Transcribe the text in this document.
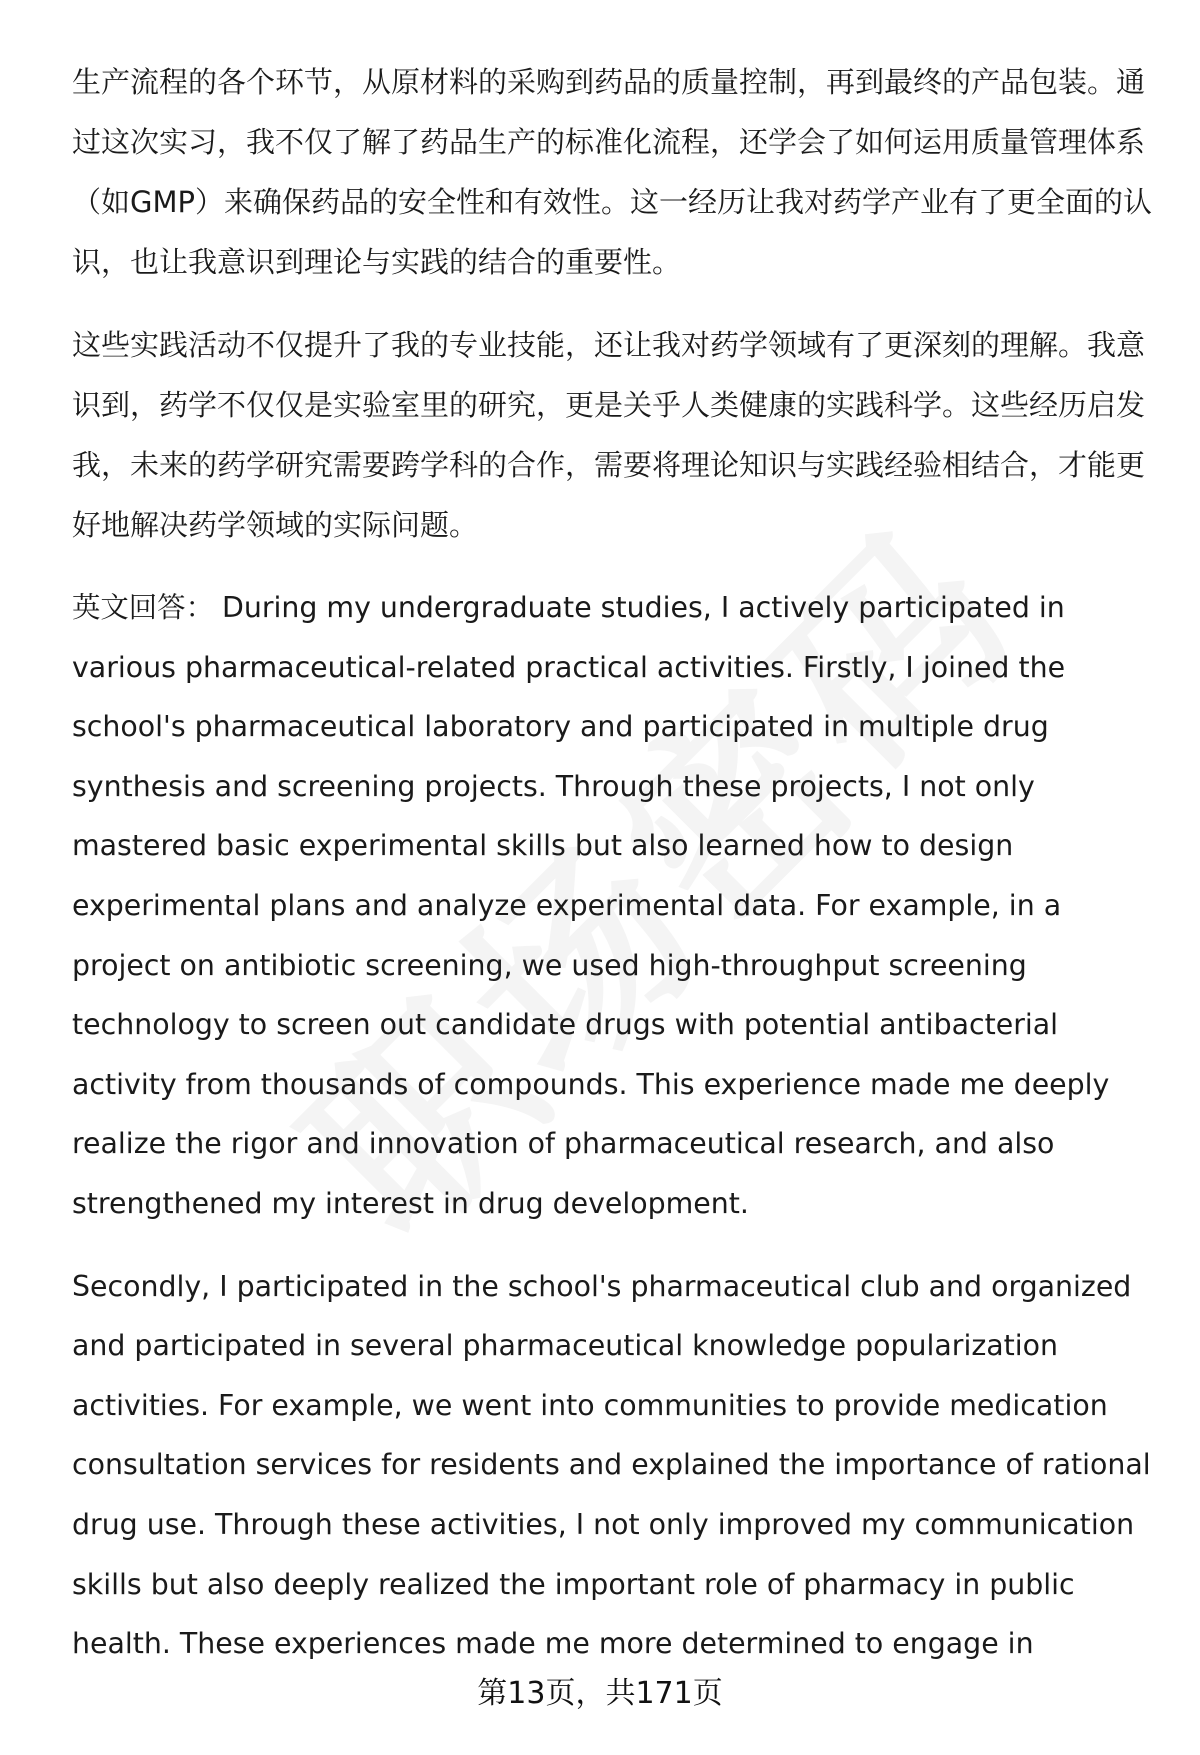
生产流程的各个环节，从原材料的采购到药品的质量控制，再到最终的产品包装。通过这次实习，我不仅了解了药品生产的标准化流程，还学会了如何运用质量管理体系（如GMP）来确保药品的安全性和有效性。这一经历让我对药学产业有了更全面的认识，也让我意识到理论与实践的结合的重要性。

这些实践活动不仅提升了我的专业技能，还让我对药学领域有了更深刻的理解。我意识到，药学不仅仅是实验室里的研究，更是关乎人类健康的实践科学。这些经历启发我，未来的药学研究需要跨学科的合作，需要将理论知识与实践经验相结合，才能更好地解决药学领域的实际问题。

英文回答： During my undergraduate studies, I actively participated in various pharmaceutical-related practical activities. Firstly, I joined the school's pharmaceutical laboratory and participated in multiple drug synthesis and screening projects. Through these projects, I not only mastered basic experimental skills but also learned how to design experimental plans and analyze experimental data. For example, in a project on antibiotic screening, we used high-throughput screening technology to screen out candidate drugs with potential antibacterial activity from thousands of compounds. This experience made me deeply realize the rigor and innovation of pharmaceutical research, and also strengthened my interest in drug development.

Secondly, I participated in the school's pharmaceutical club and organized and participated in several pharmaceutical knowledge popularization activities. For example, we went into communities to provide medication consultation services for residents and explained the importance of rational drug use. Through these activities, I not only improved my communication skills but also deeply realized the important role of pharmacy in public health. These experiences made me more determined to engage in

第13页，共171页
